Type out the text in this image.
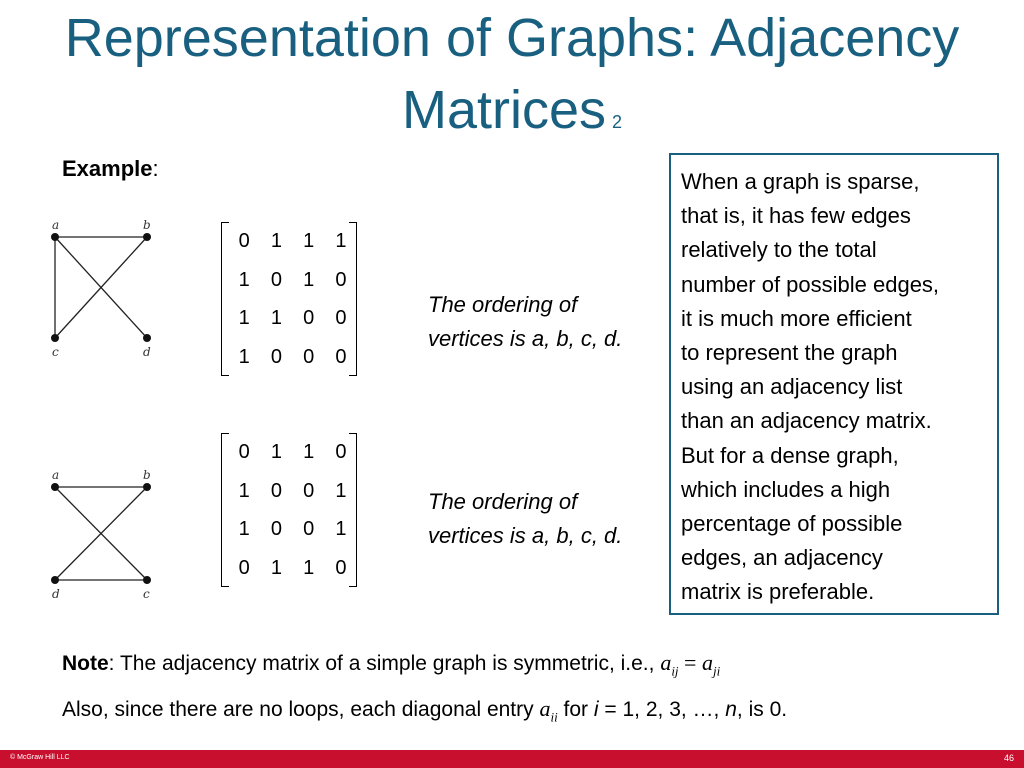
Representation of Graphs: Adjacency
Matrices 2
Example:
a	b
c	d
a	b
d	c
0	1	1	1
1	0	1	0
1	1	0	0
1	0	0	0
0	1	1	0
1	0	0	1
1	0	0	1
0	1	1	0
The ordering of
vertices is a, b, c, d.
The ordering of
vertices is a, b, c, d.
When a graph is sparse,
that is, it has few edges
relatively to the total
number of possible edges,
it is much more efficient
to represent the graph
using an adjacency list
than an adjacency matrix.
But for a dense graph,
which includes a high
percentage of possible
edges, an adjacency
matrix is preferable.
Note: The adjacency matrix of a simple graph is symmetric, i.e., $a_{ij} = a_{ji}$
Also, since there are no loops, each diagonal entry $a_{ii}$ for i = 1, 2, 3, …, n, is 0.
© McGraw Hill LLC	46
